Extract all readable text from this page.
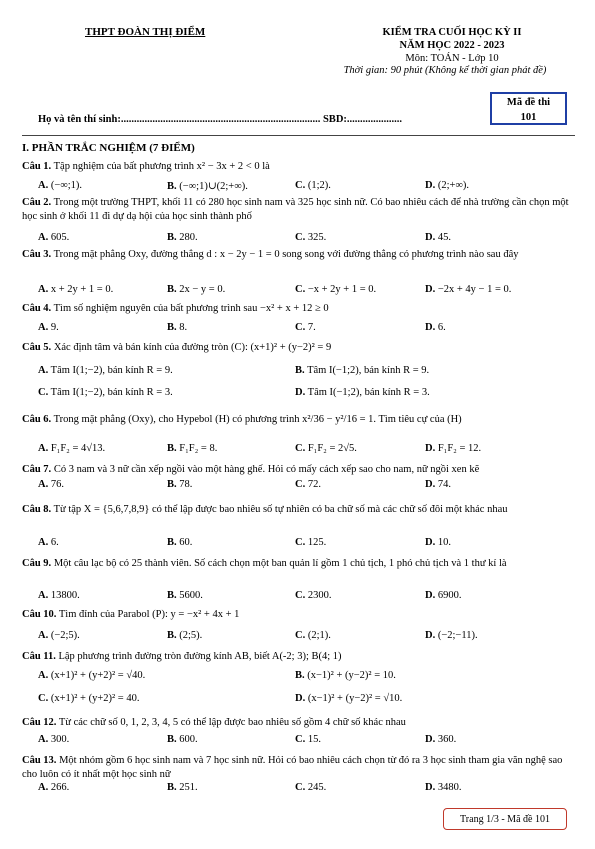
THPT ĐOÀN THỊ ĐIỂM	KIỂM TRA CUỐI HỌC KỲ II
NĂM HỌC 2022 - 2023
Môn: TOÁN - Lớp 10
Thời gian: 90 phút (Không kể thời gian phát đề)
Mã đề thi
101
Họ và tên thí sinh:............................................................................ SBD:.....................
I. PHẦN TRẮC NGHIỆM (7 ĐIỂM)
Câu 1. Tập nghiệm của bất phương trình x² − 3x + 2 < 0 là
A. (−∞;1).	B. (−∞;1)∪(2;+∞).	C. (1;2).	D. (2;+∞).
Câu 2. Trong một trường THPT, khối 11 có 280 học sinh nam và 325 học sinh nữ. Có bao nhiêu cách để nhà trường cần chọn một học sinh ở khối 11 đi dự dạ hội của học sinh thành phố
A. 605.	B. 280.	C. 325.	D. 45.
Câu 3. Trong mặt phẳng Oxy, đường thẳng d : x − 2y − 1 = 0 song song với đường thẳng có phương trình nào sau đây
A. x + 2y + 1 = 0.	B. 2x − y = 0.	C. −x + 2y + 1 = 0.	D. −2x + 4y − 1 = 0.
Câu 4. Tìm số nghiệm nguyên của bất phương trình sau −x² + x + 12 ≥ 0
A. 9.	B. 8.	C. 7.	D. 6.
Câu 5. Xác định tâm và bán kính của đường tròn (C): (x+1)² + (y−2)² = 9
A. Tâm I(1;−2), bán kính R = 9.	B. Tâm I(−1;2), bán kính R = 9.
C. Tâm I(1;−2), bán kính R = 3.	D. Tâm I(−1;2), bán kính R = 3.
Câu 6. Trong mặt phẳng (Oxy), cho Hypebol (H) có phương trình x²/36 − y²/16 = 1. Tìm tiêu cự của (H)
A. F₁F₂ = 4√13.	B. F₁F₂ = 8.	C. F₁F₂ = 2√5.	D. F₁F₂ = 12.
Câu 7. Có 3 nam và 3 nữ cần xếp ngồi vào một hàng ghế. Hỏi có mấy cách xếp sao cho nam, nữ ngồi xen kẽ
A. 76.	B. 78.	C. 72.	D. 74.
Câu 8. Từ tập X = {5,6,7,8,9} có thể lập được bao nhiêu số tự nhiên có ba chữ số mà các chữ số đôi một khác nhau
A. 6.	B. 60.	C. 125.	D. 10.
Câu 9. Một câu lạc bộ có 25 thành viên. Số cách chọn một ban quản lí gồm 1 chủ tịch, 1 phó chủ tịch và 1 thư kí là
A. 13800.	B. 5600.	C. 2300.	D. 6900.
Câu 10. Tìm đỉnh của Parabol (P): y = −x² + 4x + 1
A. (−2;5).	B. (2;5).	C. (2;1).	D. (−2;−11).
Câu 11. Lập phương trình đường tròn đường kính AB, biết A(-2; 3); B(4; 1)
A. (x+1)² + (y+2)² = √40.	B. (x−1)² + (y−2)² = 10.
C. (x+1)² + (y+2)² = 40.	D. (x−1)² + (y−2)² = √10.
Câu 12. Từ các chữ số 0, 1, 2, 3, 4, 5 có thể lập được bao nhiêu số gồm 4 chữ số khác nhau
A. 300.	B. 600.	C. 15.	D. 360.
Câu 13. Một nhóm gồm 6 học sinh nam và 7 học sinh nữ. Hỏi có bao nhiêu cách chọn từ đó ra 3 học sinh tham gia văn nghệ sao cho luôn có ít nhất một học sinh nữ
A. 266.	B. 251.	C. 245.	D. 3480.
Trang 1/3 - Mã đề 101
